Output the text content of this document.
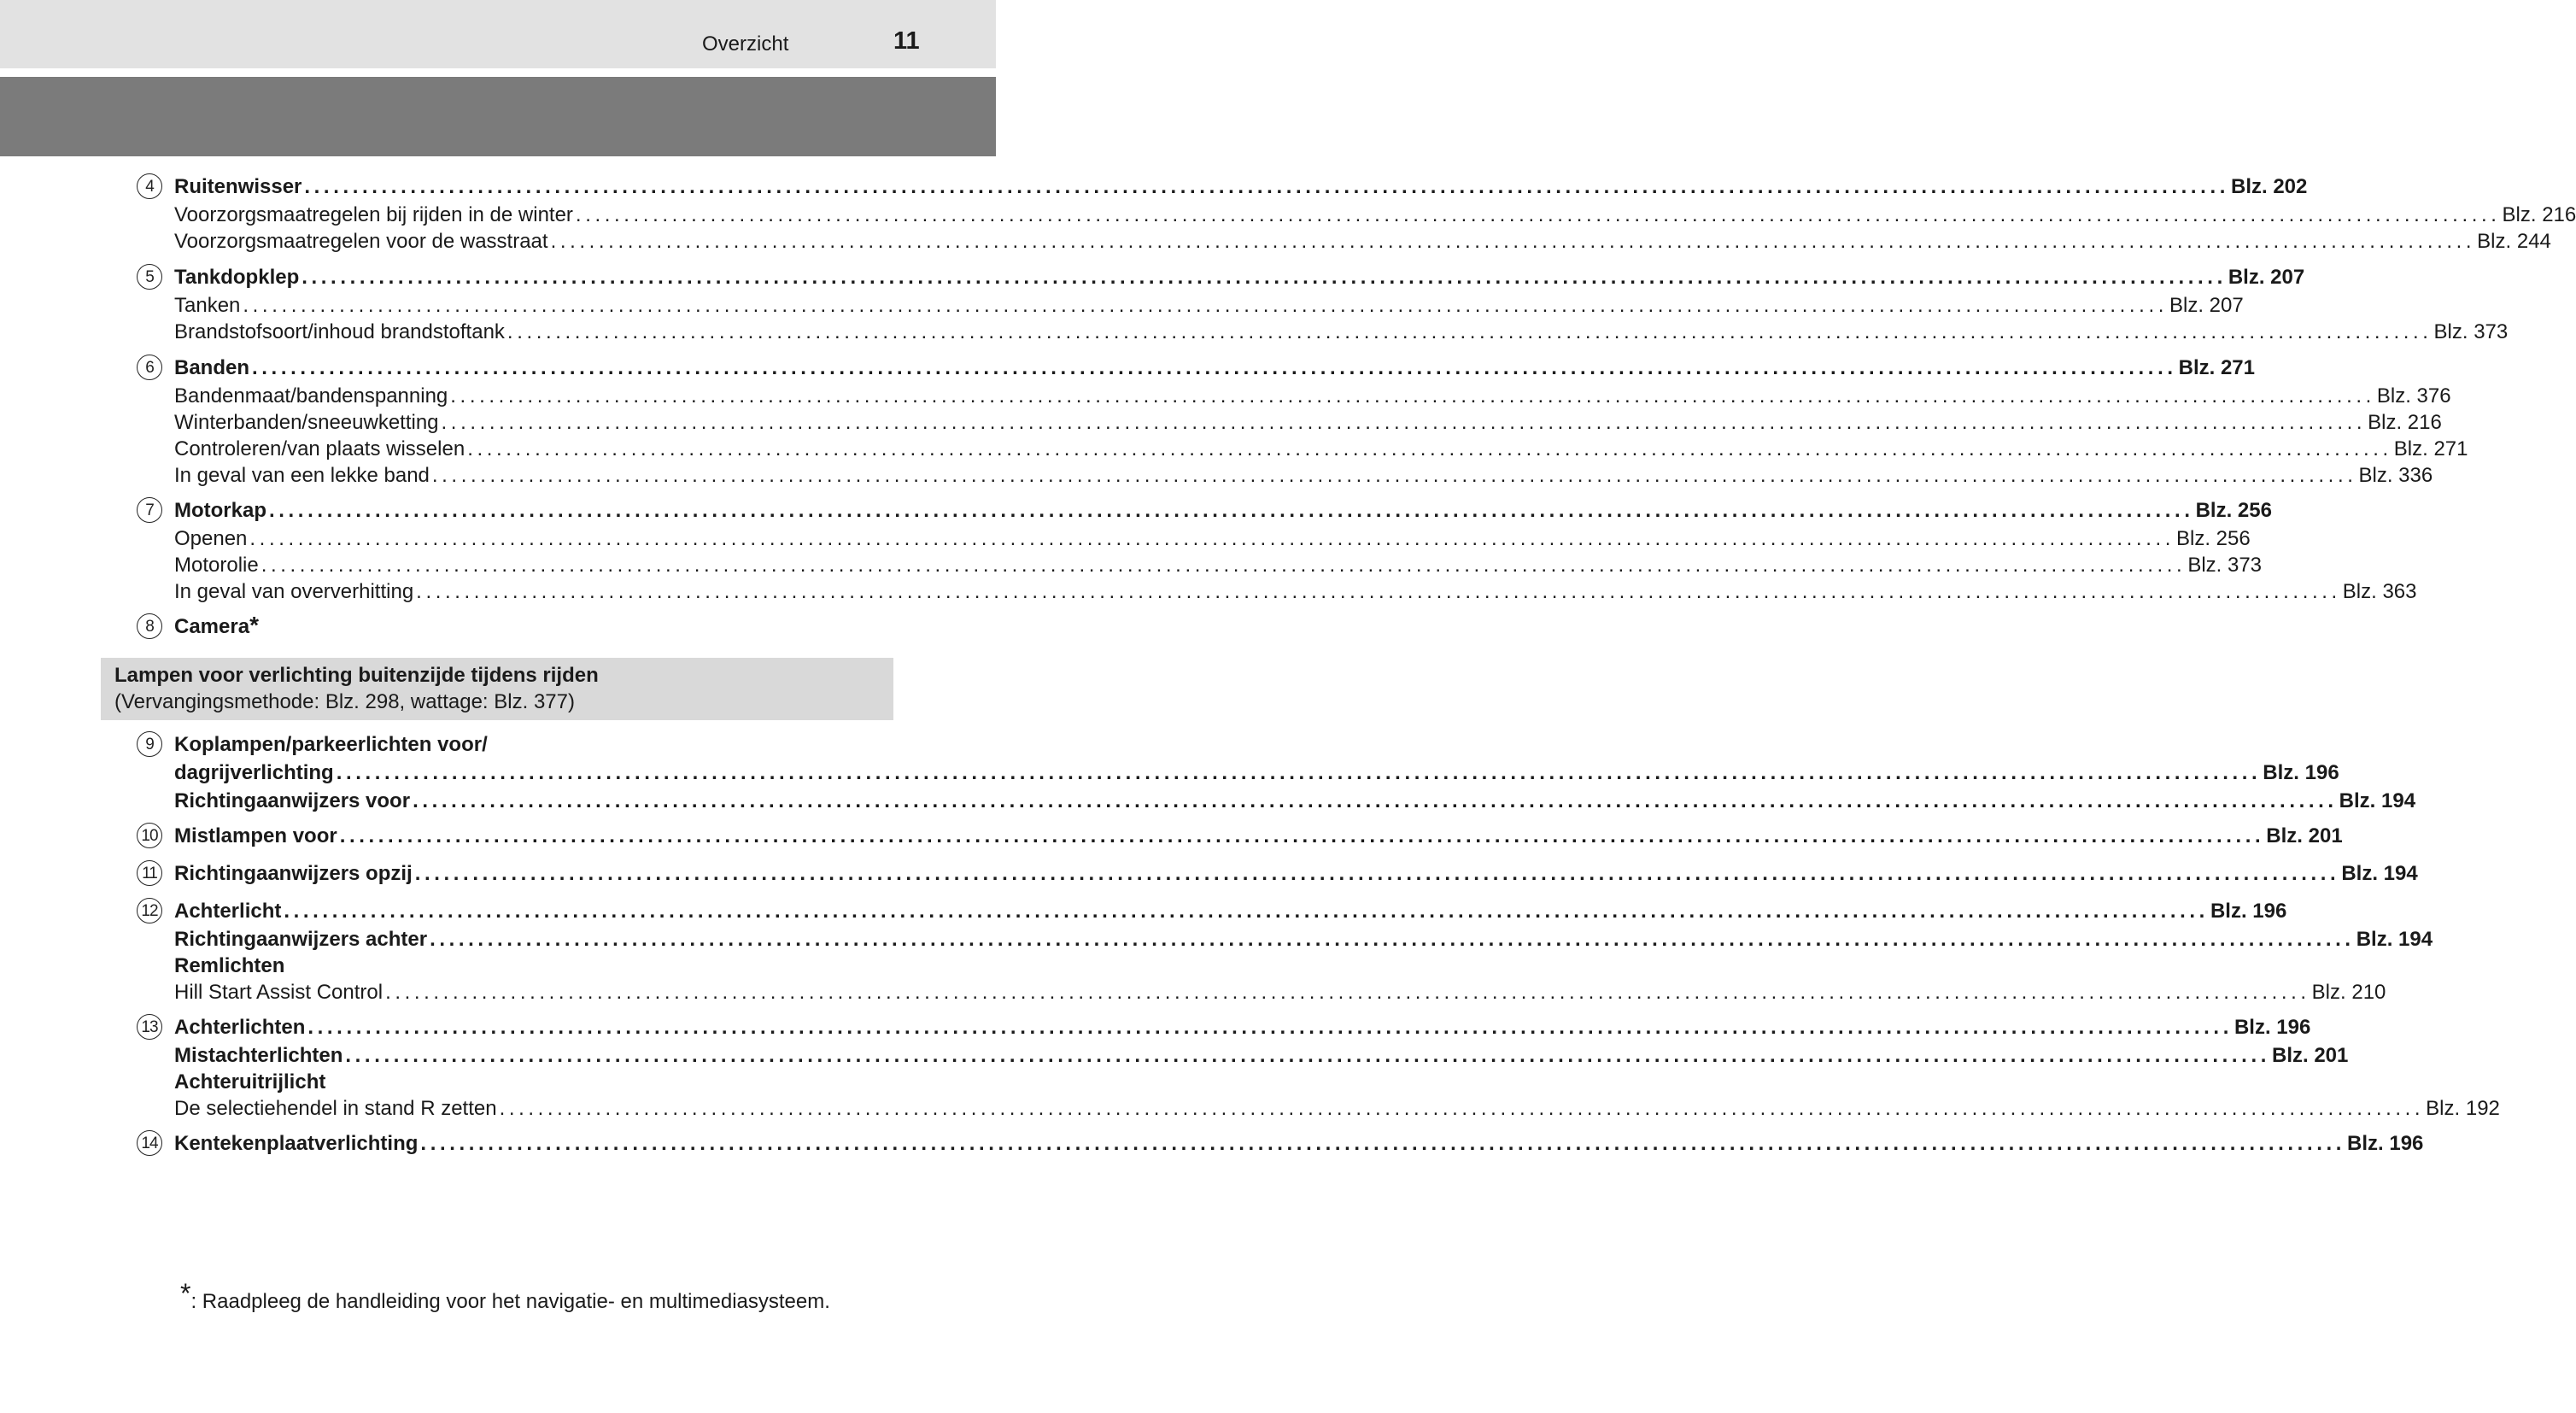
Overzicht	11
4	Ruitenwisser ........................................................................................................................................................................................................ Blz. 202
Voorzorgsmaatregelen bij rijden in de winter ........................................................................................................................................................................................................ Blz. 216
Voorzorgsmaatregelen voor de wasstraat ........................................................................................................................................................................................................ Blz. 244
5	Tankdopklep ........................................................................................................................................................................................................ Blz. 207
Tanken ........................................................................................................................................................................................................ Blz. 207
Brandstofsoort/inhoud brandstoftank ........................................................................................................................................................................................................ Blz. 373
6	Banden ........................................................................................................................................................................................................ Blz. 271
Bandenmaat/bandenspanning ........................................................................................................................................................................................................ Blz. 376
Winterbanden/sneeuwketting ........................................................................................................................................................................................................ Blz. 216
Controleren/van plaats wisselen ........................................................................................................................................................................................................ Blz. 271
In geval van een lekke band ........................................................................................................................................................................................................ Blz. 336
7	Motorkap ........................................................................................................................................................................................................ Blz. 256
Openen ........................................................................................................................................................................................................ Blz. 256
Motorolie ........................................................................................................................................................................................................ Blz. 373
In geval van oververhitting ........................................................................................................................................................................................................ Blz. 363
8	Camera *
Lampen voor verlichting buitenzijde tijdens rijden
(Vervangingsmethode: Blz. 298, wattage: Blz. 377)
9	Koplampen/parkeerlichten voor/
dagrijverlichting ........................................................................................................................................................................................................ Blz. 196
Richtingaanwijzers voor ........................................................................................................................................................................................................ Blz. 194
10 Mistlampen voor ........................................................................................................................................................................................................ Blz. 201
11 Richtingaanwijzers opzij ........................................................................................................................................................................................................ Blz. 194
12 Achterlicht ........................................................................................................................................................................................................ Blz. 196
Richtingaanwijzers achter ........................................................................................................................................................................................................ Blz. 194
Remlichten
Hill Start Assist Control ........................................................................................................................................................................................................ Blz. 210
13 Achterlichten ........................................................................................................................................................................................................ Blz. 196
Mistachterlichten ........................................................................................................................................................................................................ Blz. 201
Achteruitrijlicht
De selectiehendel in stand R zetten ........................................................................................................................................................................................................ Blz. 192
14 Kentekenplaatverlichting ........................................................................................................................................................................................................ Blz. 196
*: Raadpleeg de handleiding voor het navigatie- en multimediasysteem.
